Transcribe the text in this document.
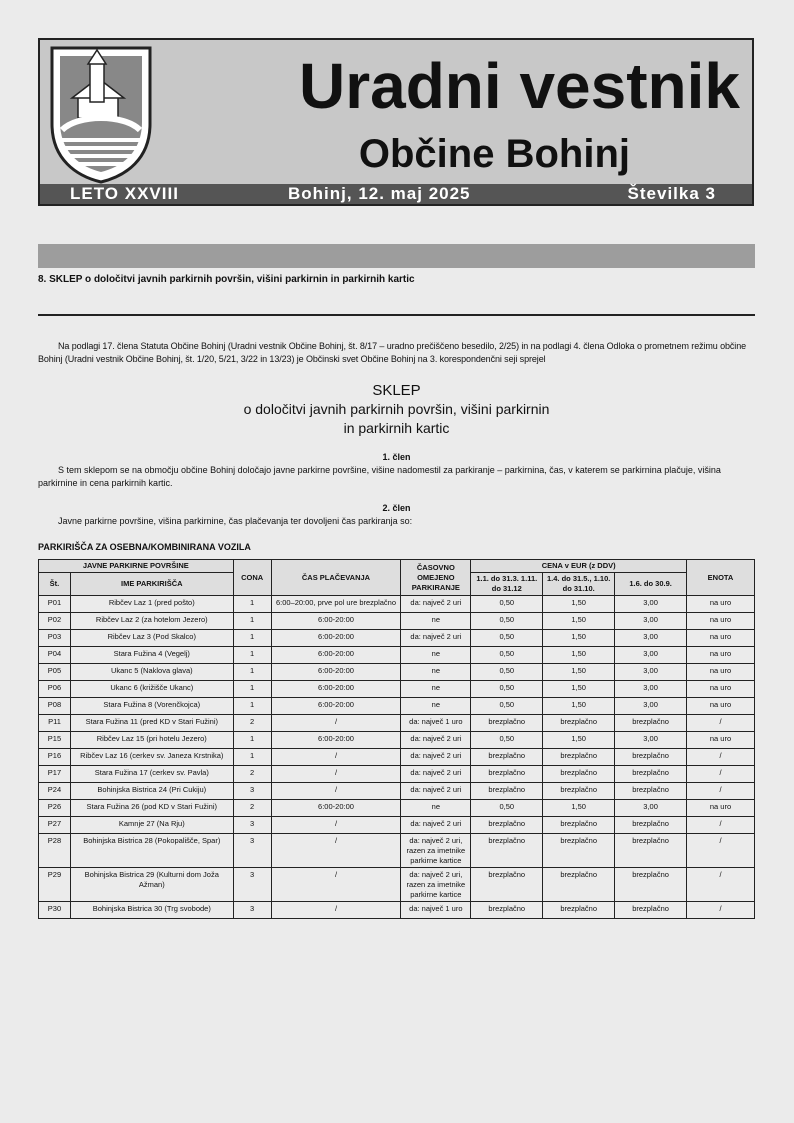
Uradni vestnik
Občine Bohinj
LETO XXVIII	Bohinj, 12. maj 2025	Številka 3
8. SKLEP o določitvi javnih parkirnih površin, višini parkirnin in parkirnih kartic
Na podlagi 17. člena Statuta Občine Bohinj (Uradni vestnik Občine Bohinj, št. 8/17 – uradno prečiščeno besedilo, 2/25) in na podlagi 4. člena Odloka o prometnem režimu občine Bohinj (Uradni vestnik Občine Bohinj, št. 1/20, 5/21, 3/22 in 13/23) je Občinski svet Občine Bohinj na 3. korespondenčni seji sprejel
SKLEP
o določitvi javnih parkirnih površin, višini parkirnin
in parkirnih kartic
1. člen
S tem sklepom se na območju občine Bohinj določajo javne parkirne površine, višine nadomestil za parkiranje – parkirnina, čas, v katerem se parkirnina plačuje, višina parkirnine in cena parkirnih kartic.
2. člen
Javne parkirne površine, višina parkirnine, čas plačevanja ter dovoljeni čas parkiranja so:
PARKIRIŠČA ZA OSEBNA/KOMBINIRANA VOZILA
JAVNE PARKIRNE POVRŠINE		CONA	ČAS PLAČEVANJA	ČASOVNO OMEJENO PARKIRANJE	CENA v EUR (z DDV)			ENOTA
Št.	IME PARKIRIŠČA				1.1. do 31.3. 1.11. do 31.12	1.4. do 31.5., 1.10. do 31.10.	1.6. do 30.9.	
P01	Ribčev Laz 1 (pred pošto)	1	6:00–20:00, prve pol ure brezplačno	da: največ 2 uri	0,50	1,50	3,00	na uro
P02	Ribčev Laz 2 (za hotelom Jezero)	1	6:00-20:00	ne	0,50	1,50	3,00	na uro
P03	Ribčev Laz 3 (Pod Skalco)	1	6:00-20:00	da: največ 2 uri	0,50	1,50	3,00	na uro
P04	Stara Fužina 4 (Vegelj)	1	6:00-20:00	ne	0,50	1,50	3,00	na uro
P05	Ukanc 5 (Naklova glava)	1	6:00-20:00	ne	0,50	1,50	3,00	na uro
P06	Ukanc 6 (križišče Ukanc)	1	6:00-20:00	ne	0,50	1,50	3,00	na uro
P08	Stara Fužina 8 (Vorenčkojca)	1	6:00-20:00	ne	0,50	1,50	3,00	na uro
P11	Stara Fužina 11 (pred KD v Stari Fužini)	2	/	da: največ 1 uro	brezplačno	brezplačno	brezplačno	/
P15	Ribčev Laz 15 (pri hotelu Jezero)	1	6:00-20:00	da: največ 2 uri	0,50	1,50	3,00	na uro
P16	Ribčev Laz 16 (cerkev sv. Janeza Krstnika)	1	/	da: največ 2 uri	brezplačno	brezplačno	brezplačno	/
P17	Stara Fužina 17 (cerkev sv. Pavla)	2	/	da: največ 2 uri	brezplačno	brezplačno	brezplačno	/
P24	Bohinjska Bistrica 24 (Pri Cukiju)	3	/	da: največ 2 uri	brezplačno	brezplačno	brezplačno	/
P26	Stara Fužina 26 (pod KD v Stari Fužini)	2	6:00-20:00	ne	0,50	1,50	3,00	na uro
P27	Kamnje 27 (Na Rju)	3	/	da: največ 2 uri	brezplačno	brezplačno	brezplačno	/
P28	Bohinjska Bistrica 28 (Pokopališče, Spar)	3	/	da: največ 2 uri, razen za imetnike parkirne kartice	brezplačno	brezplačno	brezplačno	/
P29	Bohinjska Bistrica 29 (Kulturni dom Joža Ažman)	3	/	da: največ 2 uri, razen za imetnike parkirne kartice	brezplačno	brezplačno	brezplačno	/
P30	Bohinjska Bistrica 30 (Trg svobode)	3	/	da: največ 1 uro	brezplačno	brezplačno	brezplačno	/
